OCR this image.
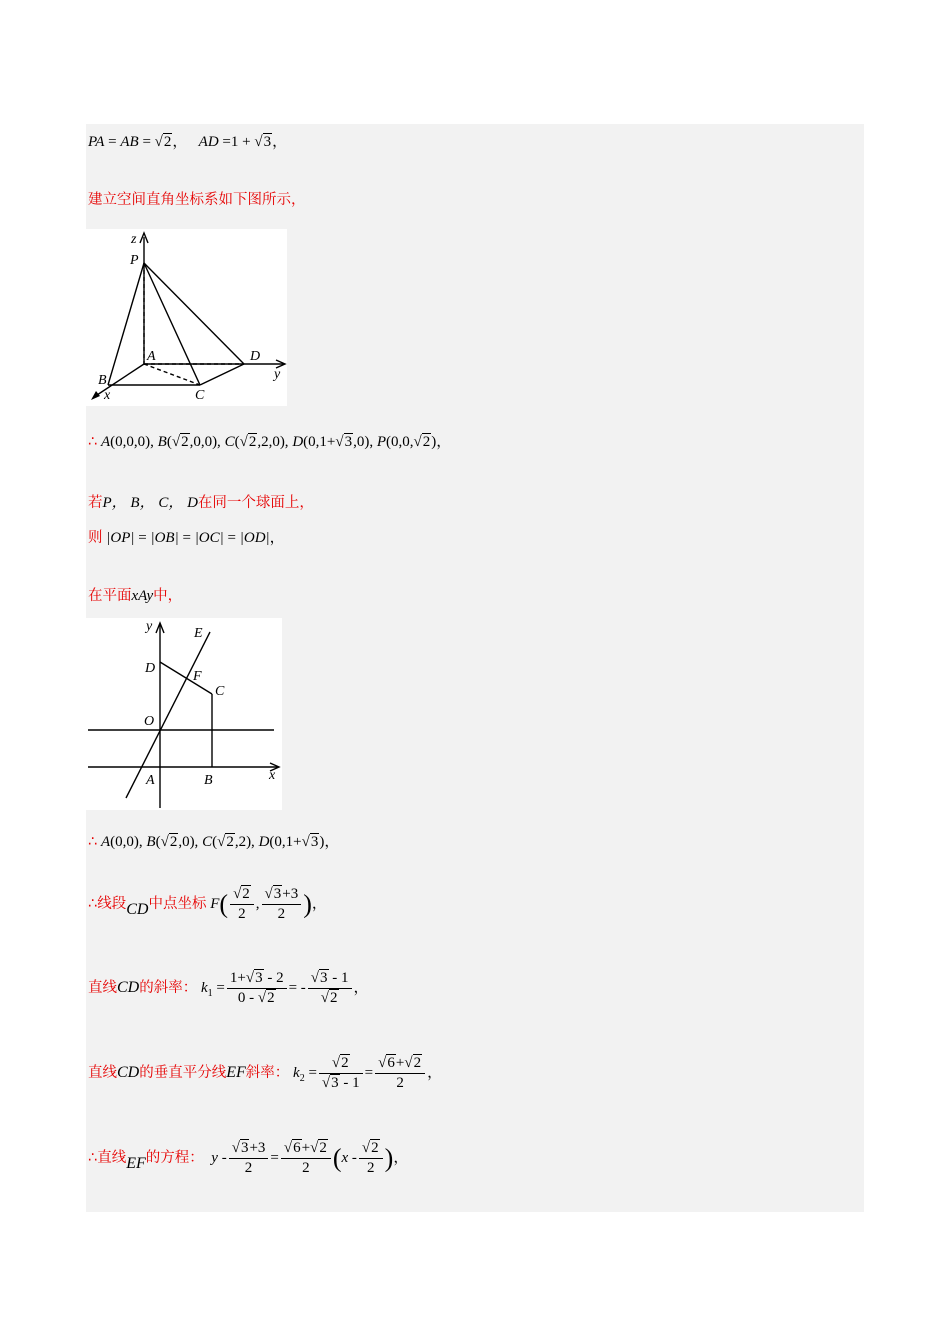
PA = AB = √2， AD =1 + √3，
建立空间直角坐标系如下图所示，
z
P
A	D
B
x	C
y
∴ A(0,0,0), B(√2,0,0), C(√2,2,0), D(0,1+√3,0), P(0,0,√2)，
若P， B， C， D在同一个球面上，
则 |OP| = |OB| = |OC| = |OD|，
在平面xAy中，
y	E
D
F
C
O
A	B	x
∴ A(0,0), B(√2,0), C(√2,2), D(0,1+√3)，
∴线段CD中点坐标 $F( \frac{√2}{2}$ , $\frac{√3+3}{2}$ )，
直线CD的斜率： $k_1 = \frac{1+√3 - 2}{0 - √2}$ = - $\frac{√3 - 1}{√2}$ ，
直线CD的垂直平分线EF斜率： $k_2 = \frac{√2}{√3 - 1} = \frac{√6+√2}{2}$ ，
∴直线EF的方程： $y - \frac{√3+3}{2} = \frac{√6+√2}{2} (x - \frac{√2}{2}$ )，
